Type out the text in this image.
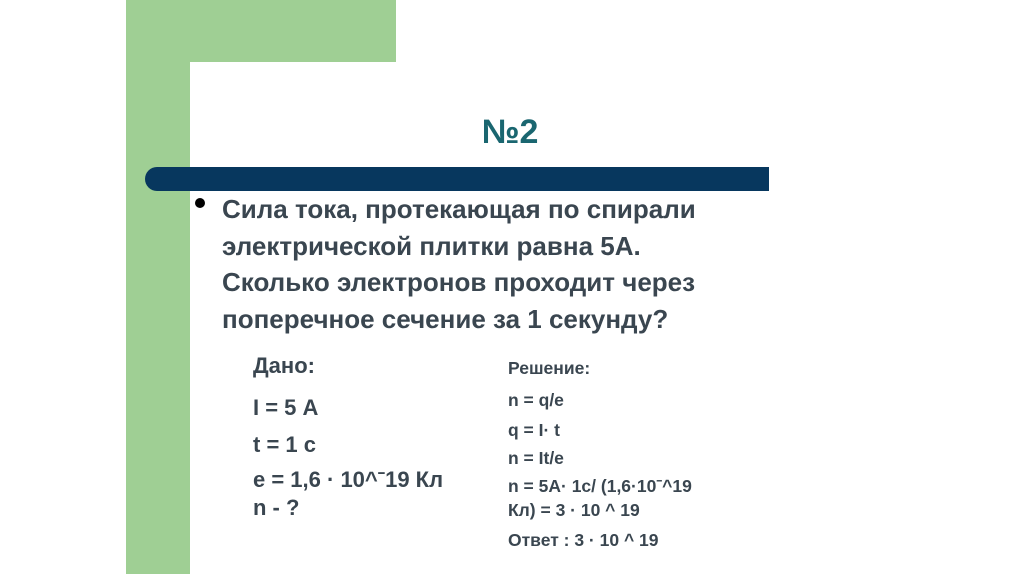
№2

Сила тока, протекающая по спирали
электрической плитки равна 5А.
Сколько электронов проходит через
поперечное сечение за 1 секунду?

Дано:
I = 5 А
t = 1 с
е = 1,6 · 10^ˉ19 Кл
n - ?
Решение:
n = q/e
q = I· t
n = It/e
n = 5А· 1с/ (1,6·10ˉ^19
Кл) = 3 · 10 ^ 19
Ответ : 3 · 10 ^ 19
